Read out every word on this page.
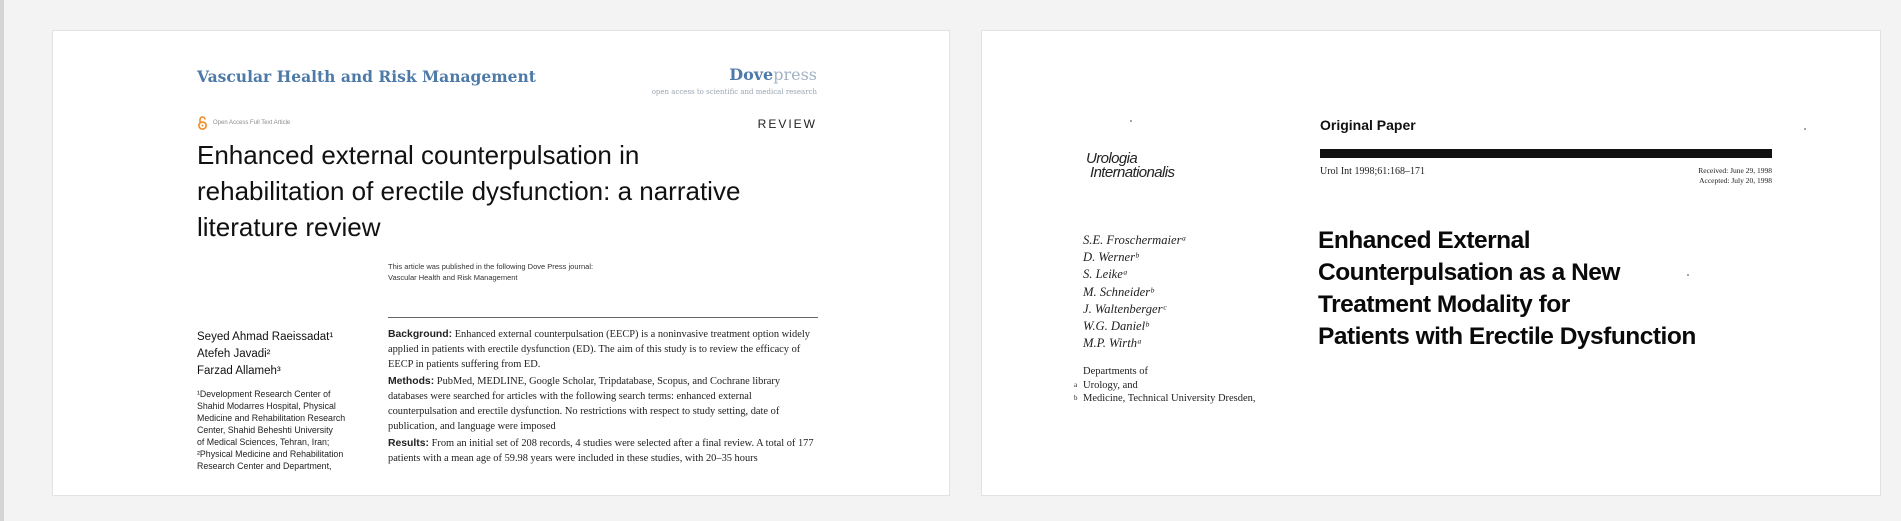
Vascular Health and Risk Management	Dovepress
open access to scientific and medical research
Open Access Full Text Article	REVIEW
Enhanced external counterpulsation in
rehabilitation of erectile dysfunction: a narrative
literature review
This article was published in the following Dove Press journal:
Vascular Health and Risk Management
Seyed Ahmad Raeissadat¹
Atefeh Javadi²
Farzad Allameh³
¹Development Research Center of
Shahid Modarres Hospital, Physical
Medicine and Rehabilitation Research
Center, Shahid Beheshti University
of Medical Sciences, Tehran, Iran;
²Physical Medicine and Rehabilitation
Research Center and Department,

Background: Enhanced external counterpulsation (EECP) is a noninvasive treatment option widely applied in patients with erectile dysfunction (ED). The aim of this study is to review the efficacy of EECP in patients suffering from ED.

Methods: PubMed, MEDLINE, Google Scholar, Tripdatabase, Scopus, and Cochrane library databases were searched for articles with the following search terms: enhanced external counterpulsation and erectile dysfunction. No restrictions with respect to study setting, date of publication, and language were imposed

Results: From an initial set of 208 records, 4 studies were selected after a final review. A total of 177 patients with a mean age of 59.98 years were included in these studies, with 20–35 hours

Urologia
Internationalis
Original Paper
Urol Int 1998;61:168–171	Received: June 29, 1998
Accepted: July 20, 1998
S.E. Froschermaierᵃ
D. Wernerᵇ
S. Leikeᵃ
M. Schneiderᵇ
J. Waltenbergerᶜ
W.G. Danielᵇ
M.P. Wirthᵃ
Departments of
a Urology, and
b Medicine, Technical University Dresden,
Enhanced External
Counterpulsation as a New
Treatment Modality for
Patients with Erectile Dysfunction
